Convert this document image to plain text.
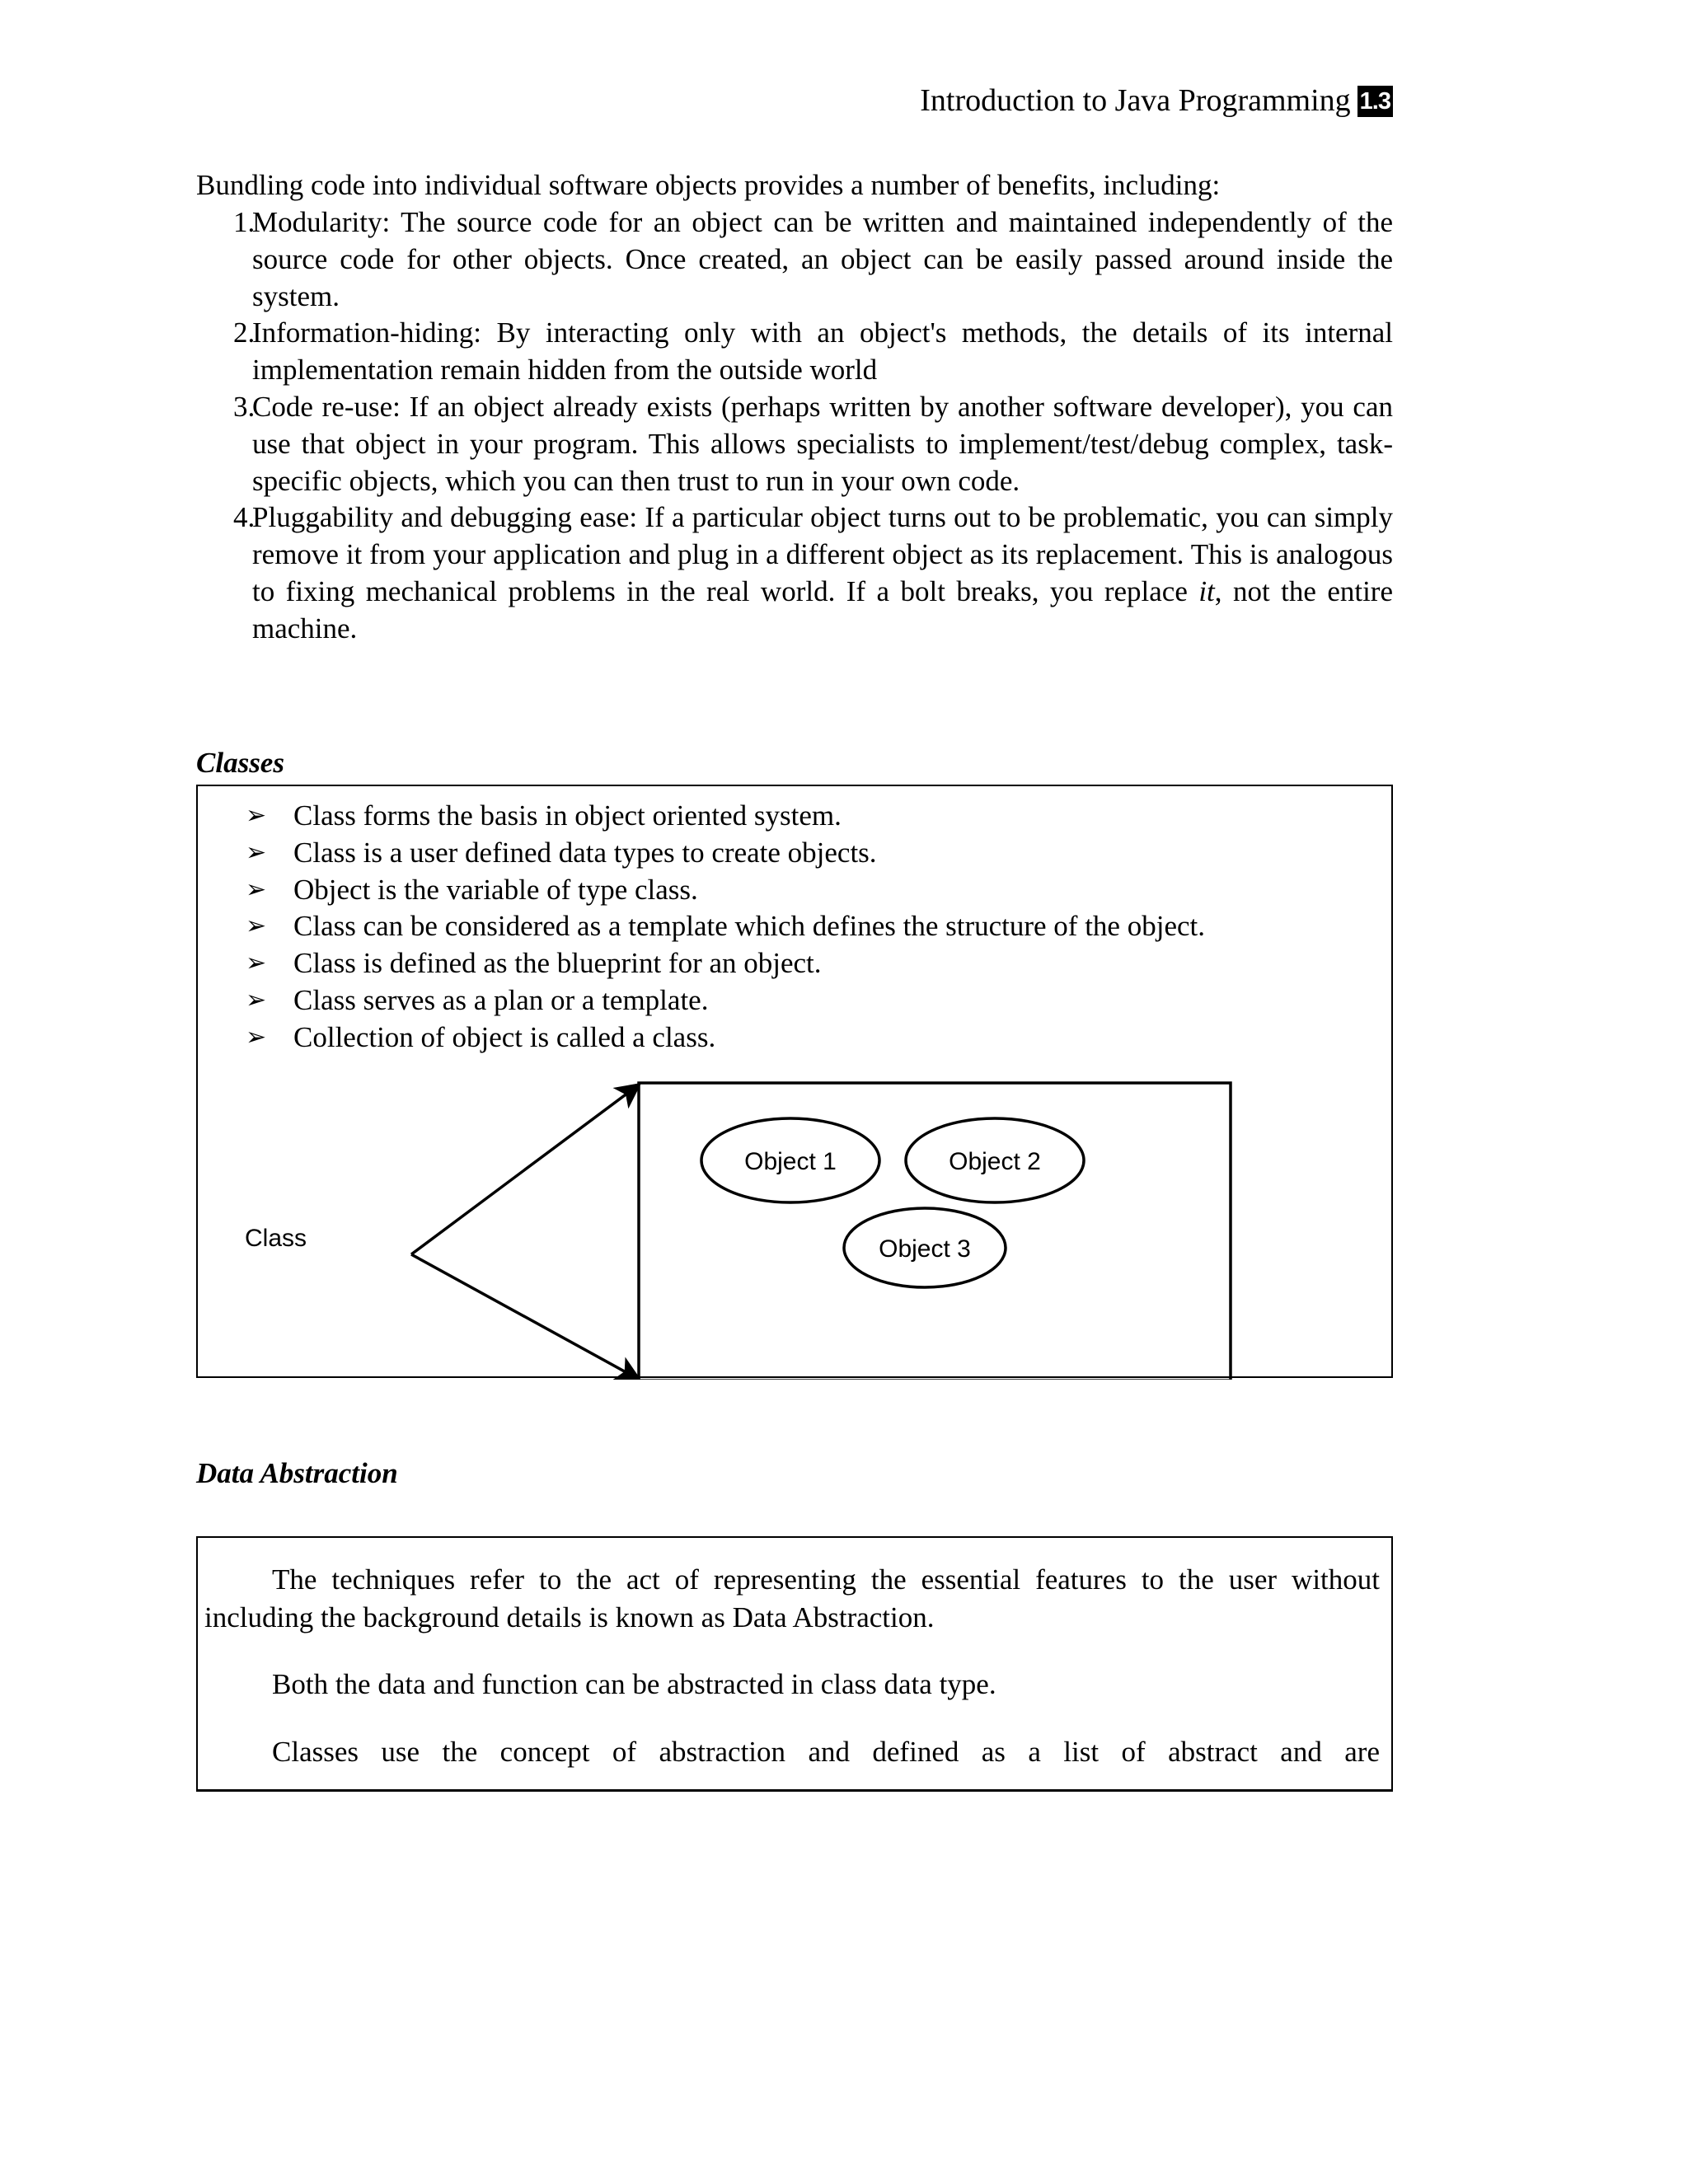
Introduction to Java Programming 1.3
Bundling code into individual software objects provides a number of benefits, including:
1.
Modularity: The source code for an object can be written and maintained independently of the source code for other objects. Once created, an object can be easily passed around inside the system.
2.
Information-hiding: By interacting only with an object's methods, the details of its internal implementation remain hidden from the outside world
3.
Code re-use: If an object already exists (perhaps written by another software developer), you can use that object in your program. This allows specialists to implement/test/debug complex, task-specific objects, which you can then trust to run in your own code.
4.
Pluggability and debugging ease: If a particular object turns out to be problematic, you can simply remove it from your application and plug in a different object as its replacement. This is analogous to fixing mechanical problems in the real world. If a bolt breaks, you replace it, not the entire machine.
Classes
➢ Class forms the basis in object oriented system.
➢ Class is a user defined data types to create objects.
➢ Object is the variable of type class.
➢ Class can be considered as a template which defines the structure of the object.
➢ Class is defined as the blueprint for an object.
➢ Class serves as a plan or a template.
➢ Collection of object is called a class.
Class
Object 1	Object 2
Object 3
Data Abstraction

The techniques refer to the act of representing the essential features to the user without including the background details is known as Data Abstraction.

Both the data and function can be abstracted in class data type.

Classes use the concept of abstraction and defined as a list of abstract and are
